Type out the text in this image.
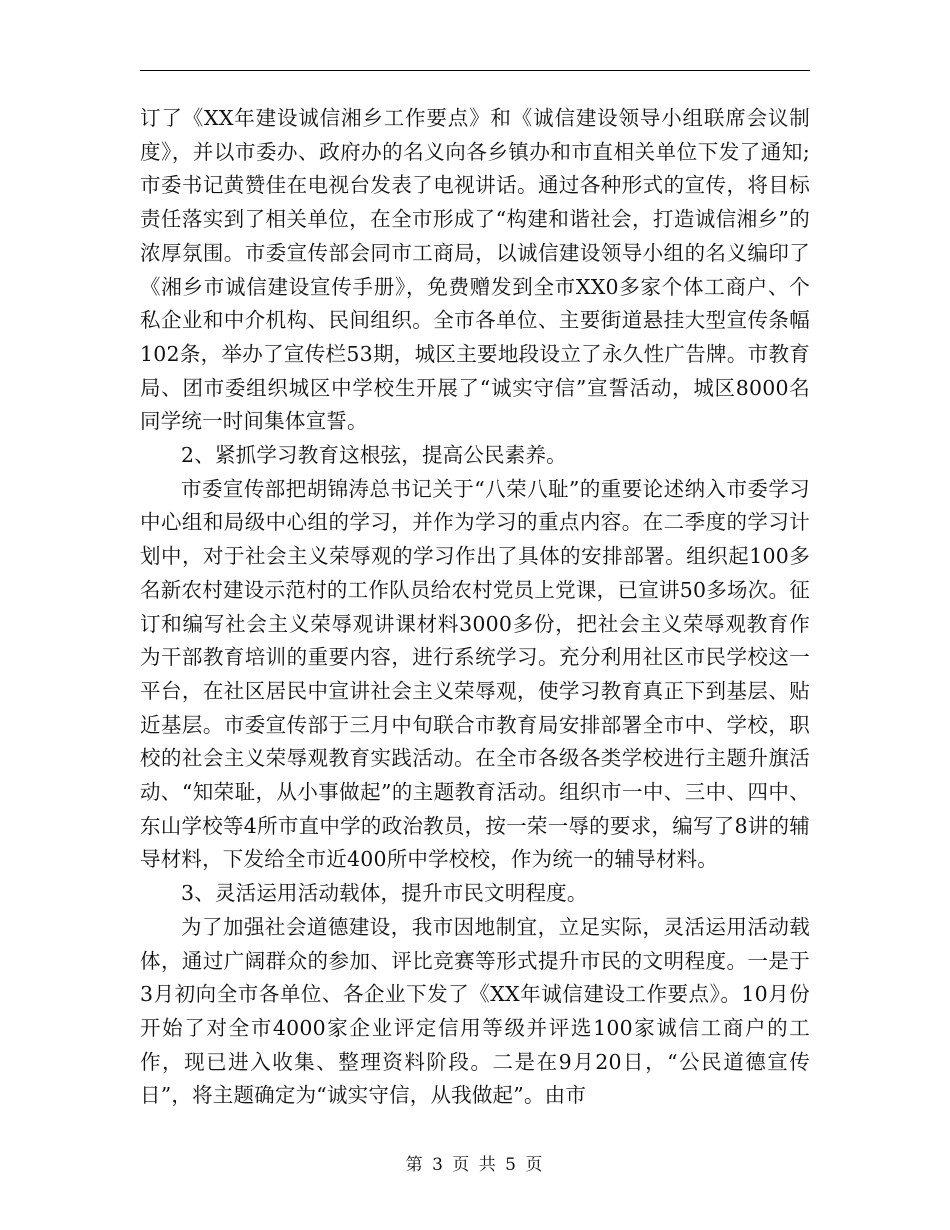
订了《XX年建设诚信湘乡工作要点》和《诚信建设领导小组联席会议制度》，并以市委办、政府办的名义向各乡镇办和市直相关单位下发了通知;市委书记黄赞佳在电视台发表了电视讲话。通过各种形式的宣传，将目标责任落实到了相关单位，在全市形成了“构建和谐社会，打造诚信湘乡”的浓厚氛围。市委宣传部会同市工商局，以诚信建设领导小组的名义编印了《湘乡市诚信建设宣传手册》，免费赠发到全市XX0多家个体工商户、个私企业和中介机构、民间组织。全市各单位、主要街道悬挂大型宣传条幅102条，举办了宣传栏53期，城区主要地段设立了永久性广告牌。市教育局、团市委组织城区中学校生开展了“诚实守信”宣誓活动，城区8000名同学统一时间集体宣誓。

2、紧抓学习教育这根弦，提高公民素养。

市委宣传部把胡锦涛总书记关于“八荣八耻”的重要论述纳入市委学习中心组和局级中心组的学习，并作为学习的重点内容。在二季度的学习计划中，对于社会主义荣辱观的学习作出了具体的安排部署。组织起100多名新农村建设示范村的工作队员给农村党员上党课，已宣讲50多场次。征订和编写社会主义荣辱观讲课材料3000多份，把社会主义荣辱观教育作为干部教育培训的重要内容，进行系统学习。充分利用社区市民学校这一平台，在社区居民中宣讲社会主义荣辱观，使学习教育真正下到基层、贴近基层。市委宣传部于三月中旬联合市教育局安排部署全市中、学校，职校的社会主义荣辱观教育实践活动。在全市各级各类学校进行主题升旗活动、“知荣耻，从小事做起”的主题教育活动。组织市一中、三中、四中、东山学校等4所市直中学的政治教员，按一荣一辱的要求，编写了8讲的辅导材料，下发给全市近400所中学校校，作为统一的辅导材料。

3、灵活运用活动载体，提升市民文明程度。

为了加强社会道德建设，我市因地制宜，立足实际，灵活运用活动载体，通过广阔群众的参加、评比竞赛等形式提升市民的文明程度。一是于3月初向全市各单位、各企业下发了《XX年诚信建设工作要点》。10月份开始了对全市4000家企业评定信用等级并评选100家诚信工商户的工作，现已进入收集、整理资料阶段。二是在9月20日，“公民道德宣传日”，将主题确定为“诚实守信，从我做起”。由市

第 3 页 共 5 页
